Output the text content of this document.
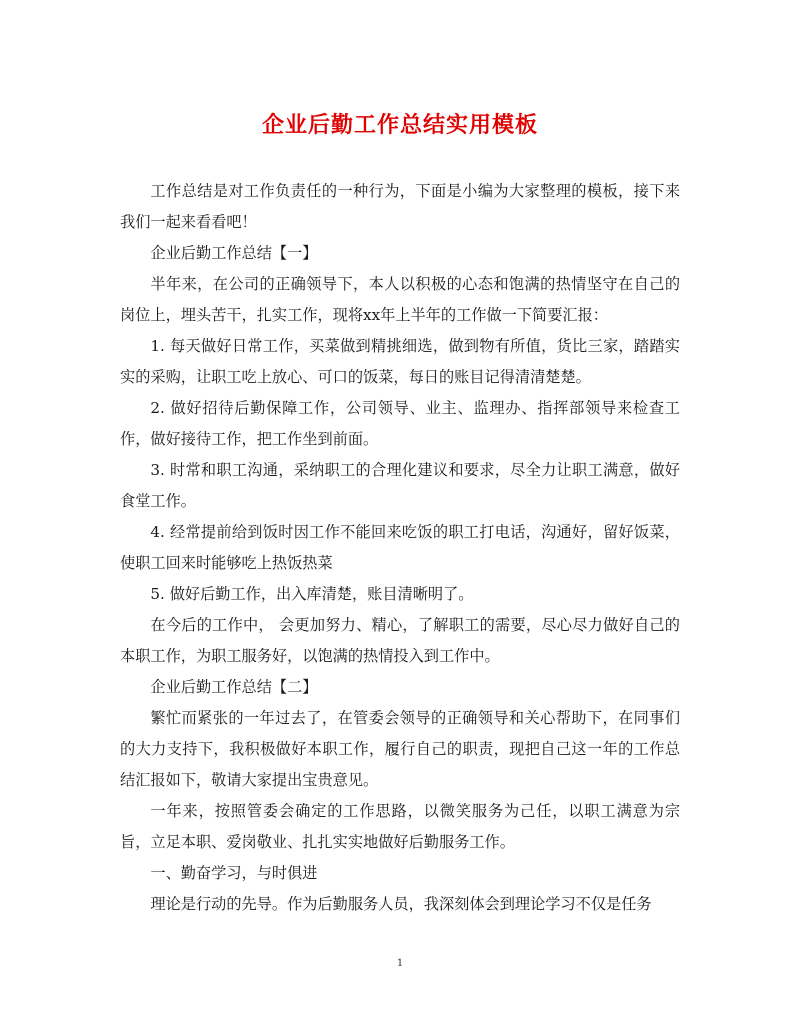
企业后勤工作总结实用模板

工作总结是对工作负责任的一种行为，下面是小编为大家整理的模板，接下来我们一起来看看吧！

企业后勤工作总结【一】

半年来，在公司的正确领导下，本人以积极的心态和饱满的热情坚守在自己的岗位上，埋头苦干，扎实工作，现将xx年上半年的工作做一下简要汇报：

1. 每天做好日常工作，买菜做到精挑细选，做到物有所值，货比三家，踏踏实实的采购，让职工吃上放心、可口的饭菜，每日的账目记得清清楚楚。

2. 做好招待后勤保障工作，公司领导、业主、监理办、指挥部领导来检查工作，做好接待工作，把工作坐到前面。

3. 时常和职工沟通，采纳职工的合理化建议和要求，尽全力让职工满意，做好食堂工作。

4. 经常提前给到饭时因工作不能回来吃饭的职工打电话，沟通好，留好饭菜，使职工回来时能够吃上热饭热菜

5. 做好后勤工作，出入库清楚，账目清晰明了。

在今后的工作中， 会更加努力、精心，了解职工的需要，尽心尽力做好自己的本职工作，为职工服务好，以饱满的热情投入到工作中。

企业后勤工作总结【二】

繁忙而紧张的一年过去了，在管委会领导的正确领导和关心帮助下，在同事们的大力支持下，我积极做好本职工作，履行自己的职责，现把自己这一年的工作总结汇报如下，敬请大家提出宝贵意见。

一年来，按照管委会确定的工作思路，以微笑服务为己任，以职工满意为宗旨，立足本职、爱岗敬业、扎扎实实地做好后勤服务工作。

一、勤奋学习，与时俱进

理论是行动的先导。作为后勤服务人员，我深刻体会到理论学习不仅是任务

1
